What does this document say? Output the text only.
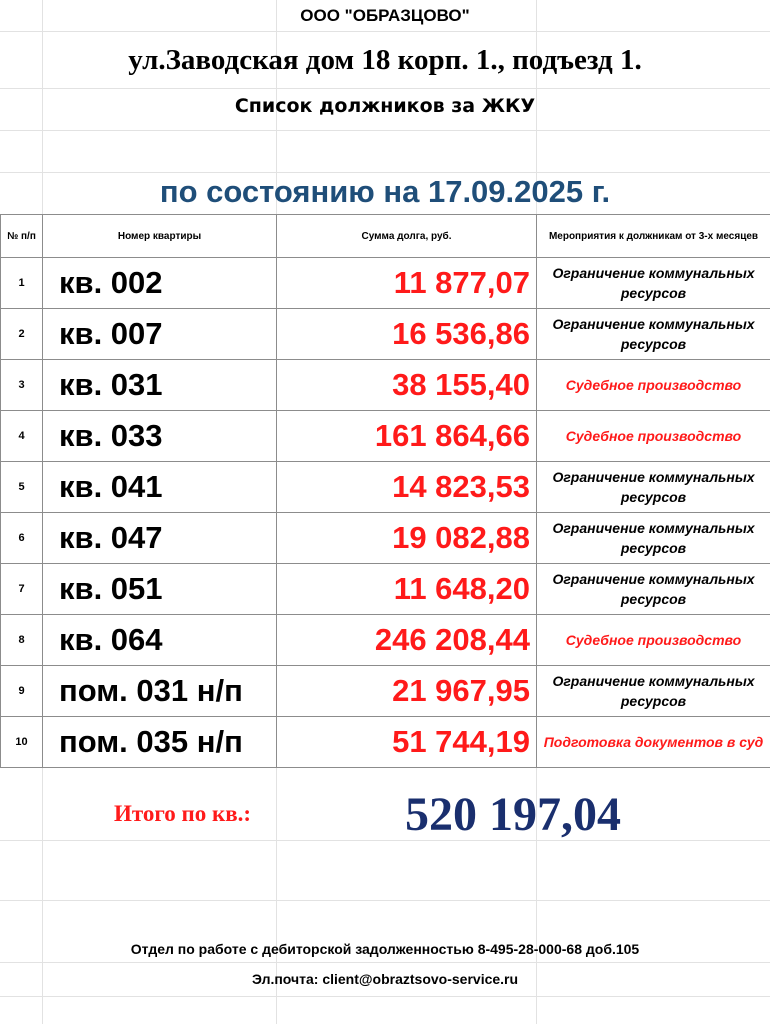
ООО "ОБРАЗЦОВО"
ул.Заводская дом 18 корп. 1., подъезд 1.
Список должников за ЖКУ
по состоянию на 17.09.2025 г.
№ п/п	Номер квартиры	Сумма долга, руб.	Мероприятия к должникам от 3-х месяцев
1	кв. 002	11 877,07	Ограничение коммунальных ресурсов
2	кв. 007	16 536,86	Ограничение коммунальных ресурсов
3	кв. 031	38 155,40	Судебное производство
4	кв. 033	161 864,66	Судебное производство
5	кв. 041	14 823,53	Ограничение коммунальных ресурсов
6	кв. 047	19 082,88	Ограничение коммунальных ресурсов
7	кв. 051	11 648,20	Ограничение коммунальных ресурсов
8	кв. 064	246 208,44	Судебное производство
9	пом. 031 н/п	21 967,95	Ограничение коммунальных ресурсов
10	пом. 035 н/п	51 744,19	Подготовка документов в суд
Итого по кв.:	520 197,04
Отдел по работе с дебиторской задолженностью 8-495-28-000-68 доб.105
Эл.почта: client@obraztsovo-service.ru
